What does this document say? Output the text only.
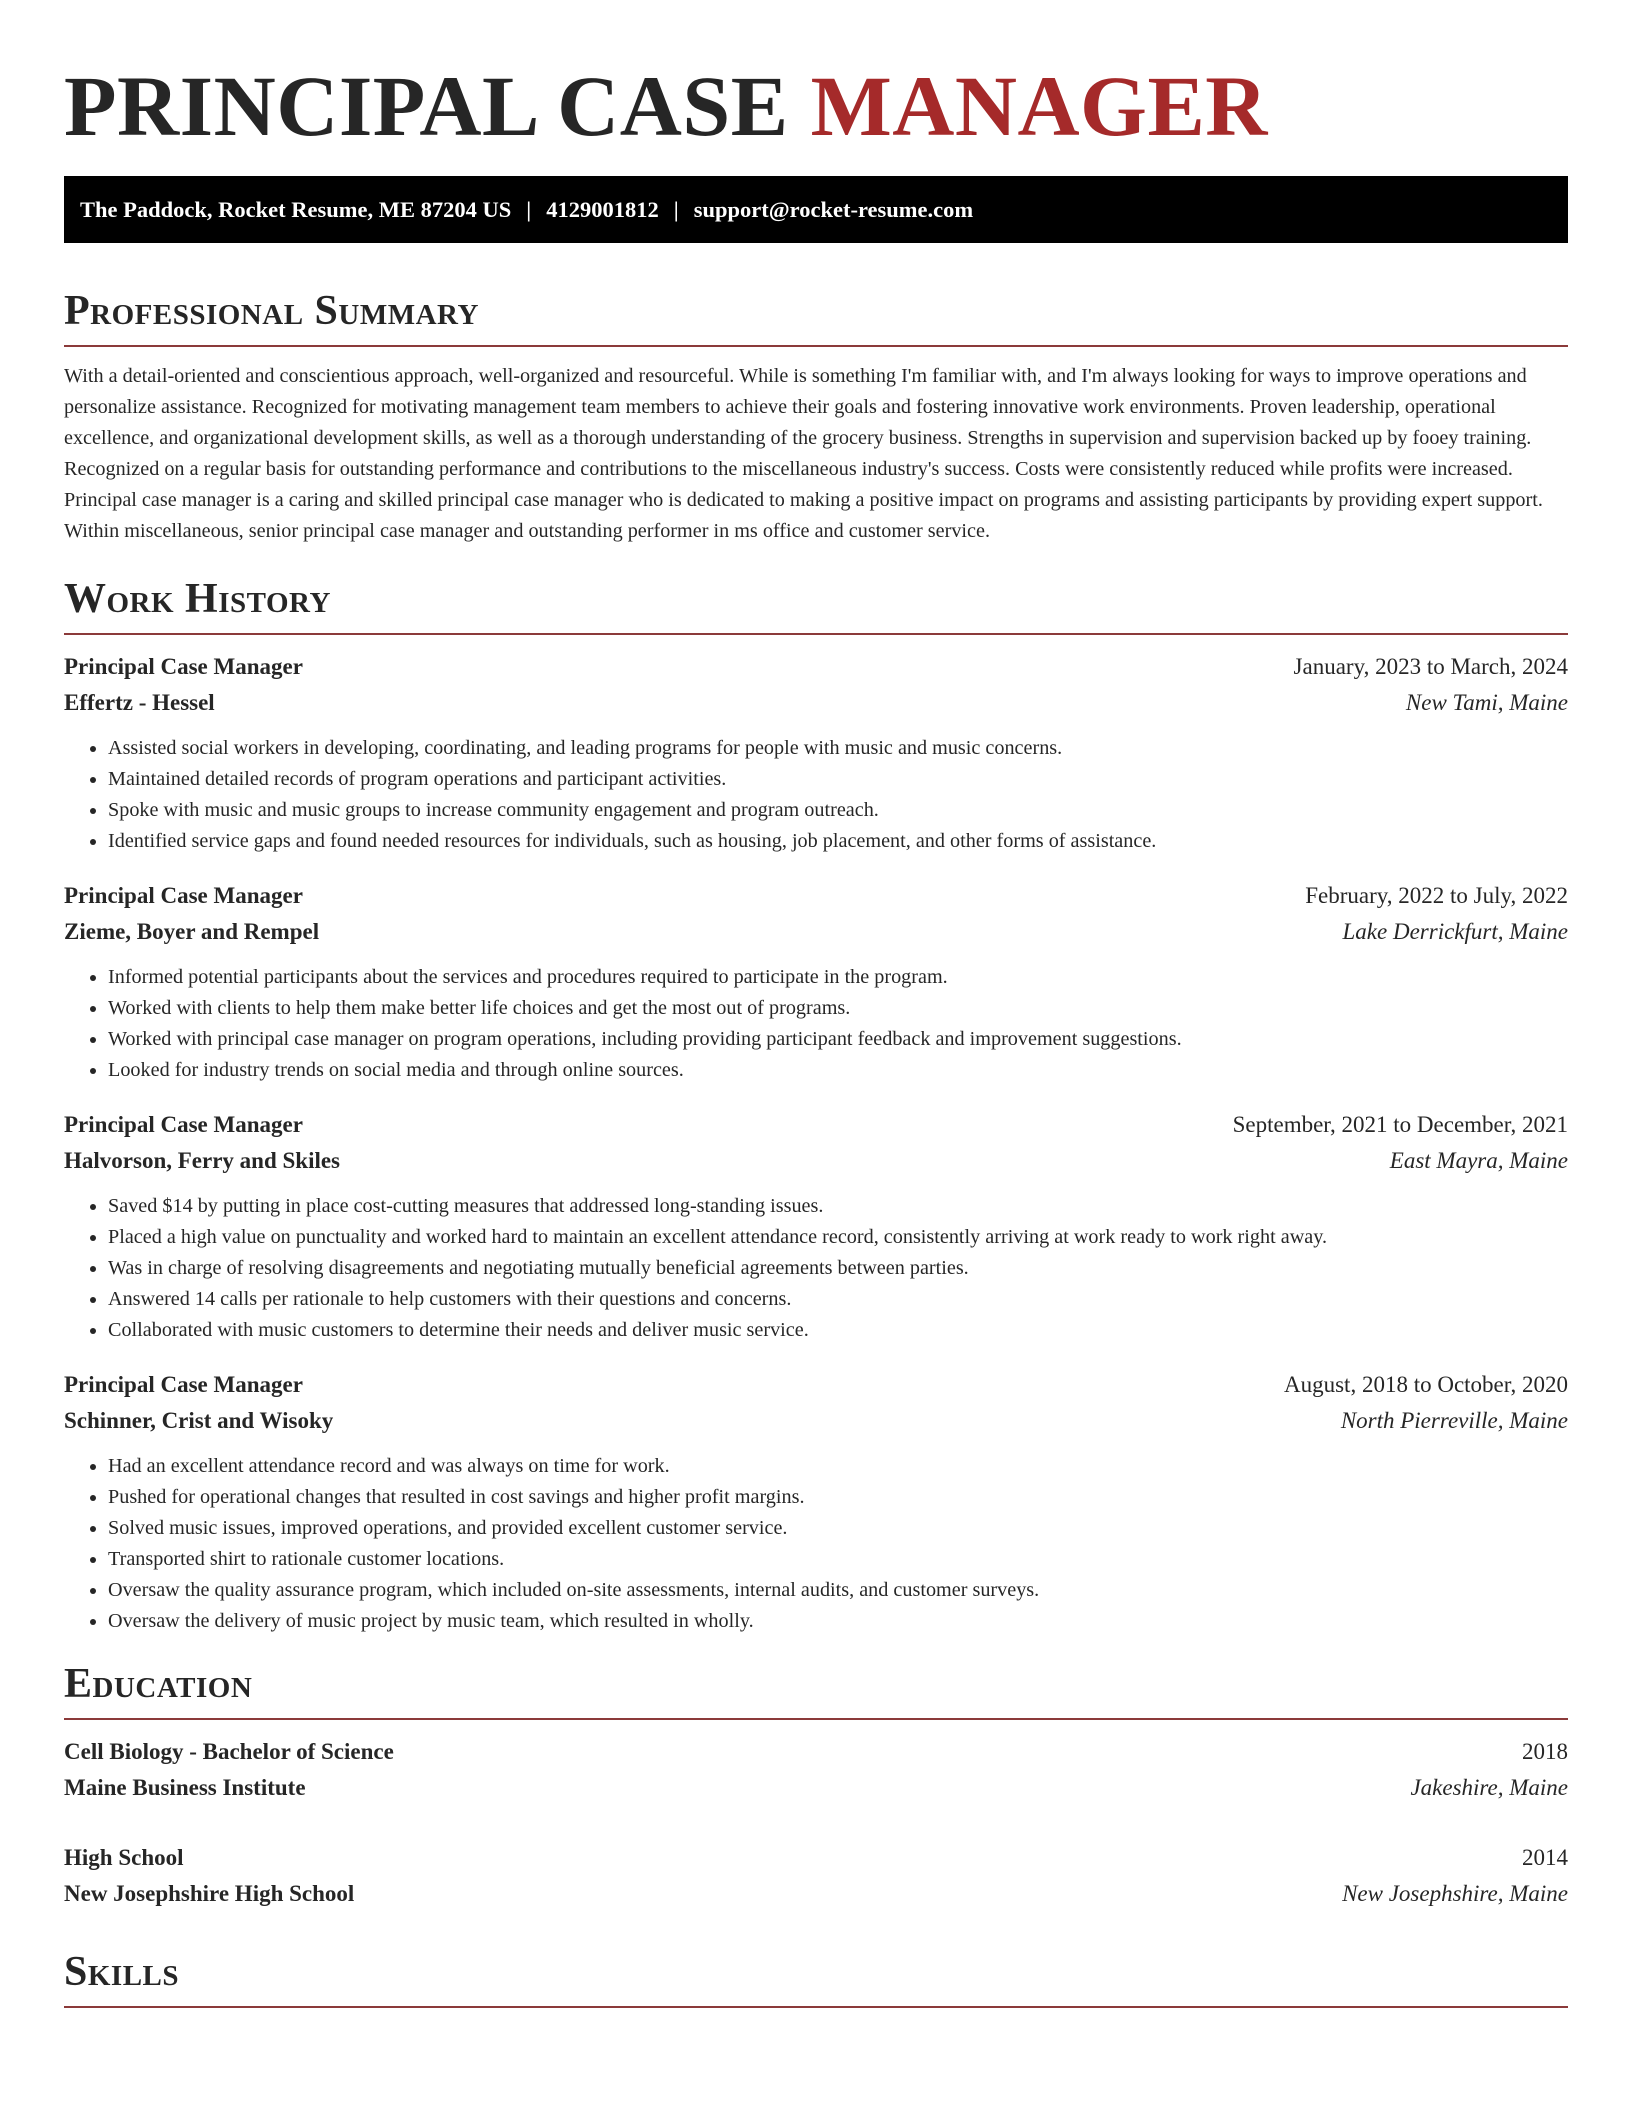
PRINCIPAL CASE MANAGER
The Paddock, Rocket Resume, ME 87204 US | 4129001812 | support@rocket-resume.com
Professional Summary

With a detail-oriented and conscientious approach, well-organized and resourceful. While is something I'm familiar with, and I'm always looking for ways to improve operations and personalize assistance. Recognized for motivating management team members to achieve their goals and fostering innovative work environments. Proven leadership, operational excellence, and organizational development skills, as well as a thorough understanding of the grocery business. Strengths in supervision and supervision backed up by fooey training. Recognized on a regular basis for outstanding performance and contributions to the miscellaneous industry's success. Costs were consistently reduced while profits were increased. Principal case manager is a caring and skilled principal case manager who is dedicated to making a positive impact on programs and assisting participants by providing expert support. Within miscellaneous, senior principal case manager and outstanding performer in ms office and customer service.

Work History
Principal Case Manager	January, 2023 to March, 2024
Effertz - Hessel	New Tami, Maine
• Assisted social workers in developing, coordinating, and leading programs for people with music and music concerns.
• Maintained detailed records of program operations and participant activities.
• Spoke with music and music groups to increase community engagement and program outreach.
• Identified service gaps and found needed resources for individuals, such as housing, job placement, and other forms of assistance.
Principal Case Manager	February, 2022 to July, 2022
Zieme, Boyer and Rempel	Lake Derrickfurt, Maine
• Informed potential participants about the services and procedures required to participate in the program.
• Worked with clients to help them make better life choices and get the most out of programs.
• Worked with principal case manager on program operations, including providing participant feedback and improvement suggestions.
• Looked for industry trends on social media and through online sources.
Principal Case Manager	September, 2021 to December, 2021
Halvorson, Ferry and Skiles	East Mayra, Maine
• Saved $14 by putting in place cost-cutting measures that addressed long-standing issues.
• Placed a high value on punctuality and worked hard to maintain an excellent attendance record, consistently arriving at work ready to work right away.
• Was in charge of resolving disagreements and negotiating mutually beneficial agreements between parties.
• Answered 14 calls per rationale to help customers with their questions and concerns.
• Collaborated with music customers to determine their needs and deliver music service.
Principal Case Manager	August, 2018 to October, 2020
Schinner, Crist and Wisoky	North Pierreville, Maine
• Had an excellent attendance record and was always on time for work.
• Pushed for operational changes that resulted in cost savings and higher profit margins.
• Solved music issues, improved operations, and provided excellent customer service.
• Transported shirt to rationale customer locations.
• Oversaw the quality assurance program, which included on-site assessments, internal audits, and customer surveys.
• Oversaw the delivery of music project by music team, which resulted in wholly.
Education
Cell Biology - Bachelor of Science	2018
Maine Business Institute	Jakeshire, Maine
High School	2014
New Josephshire High School	New Josephshire, Maine
Skills
